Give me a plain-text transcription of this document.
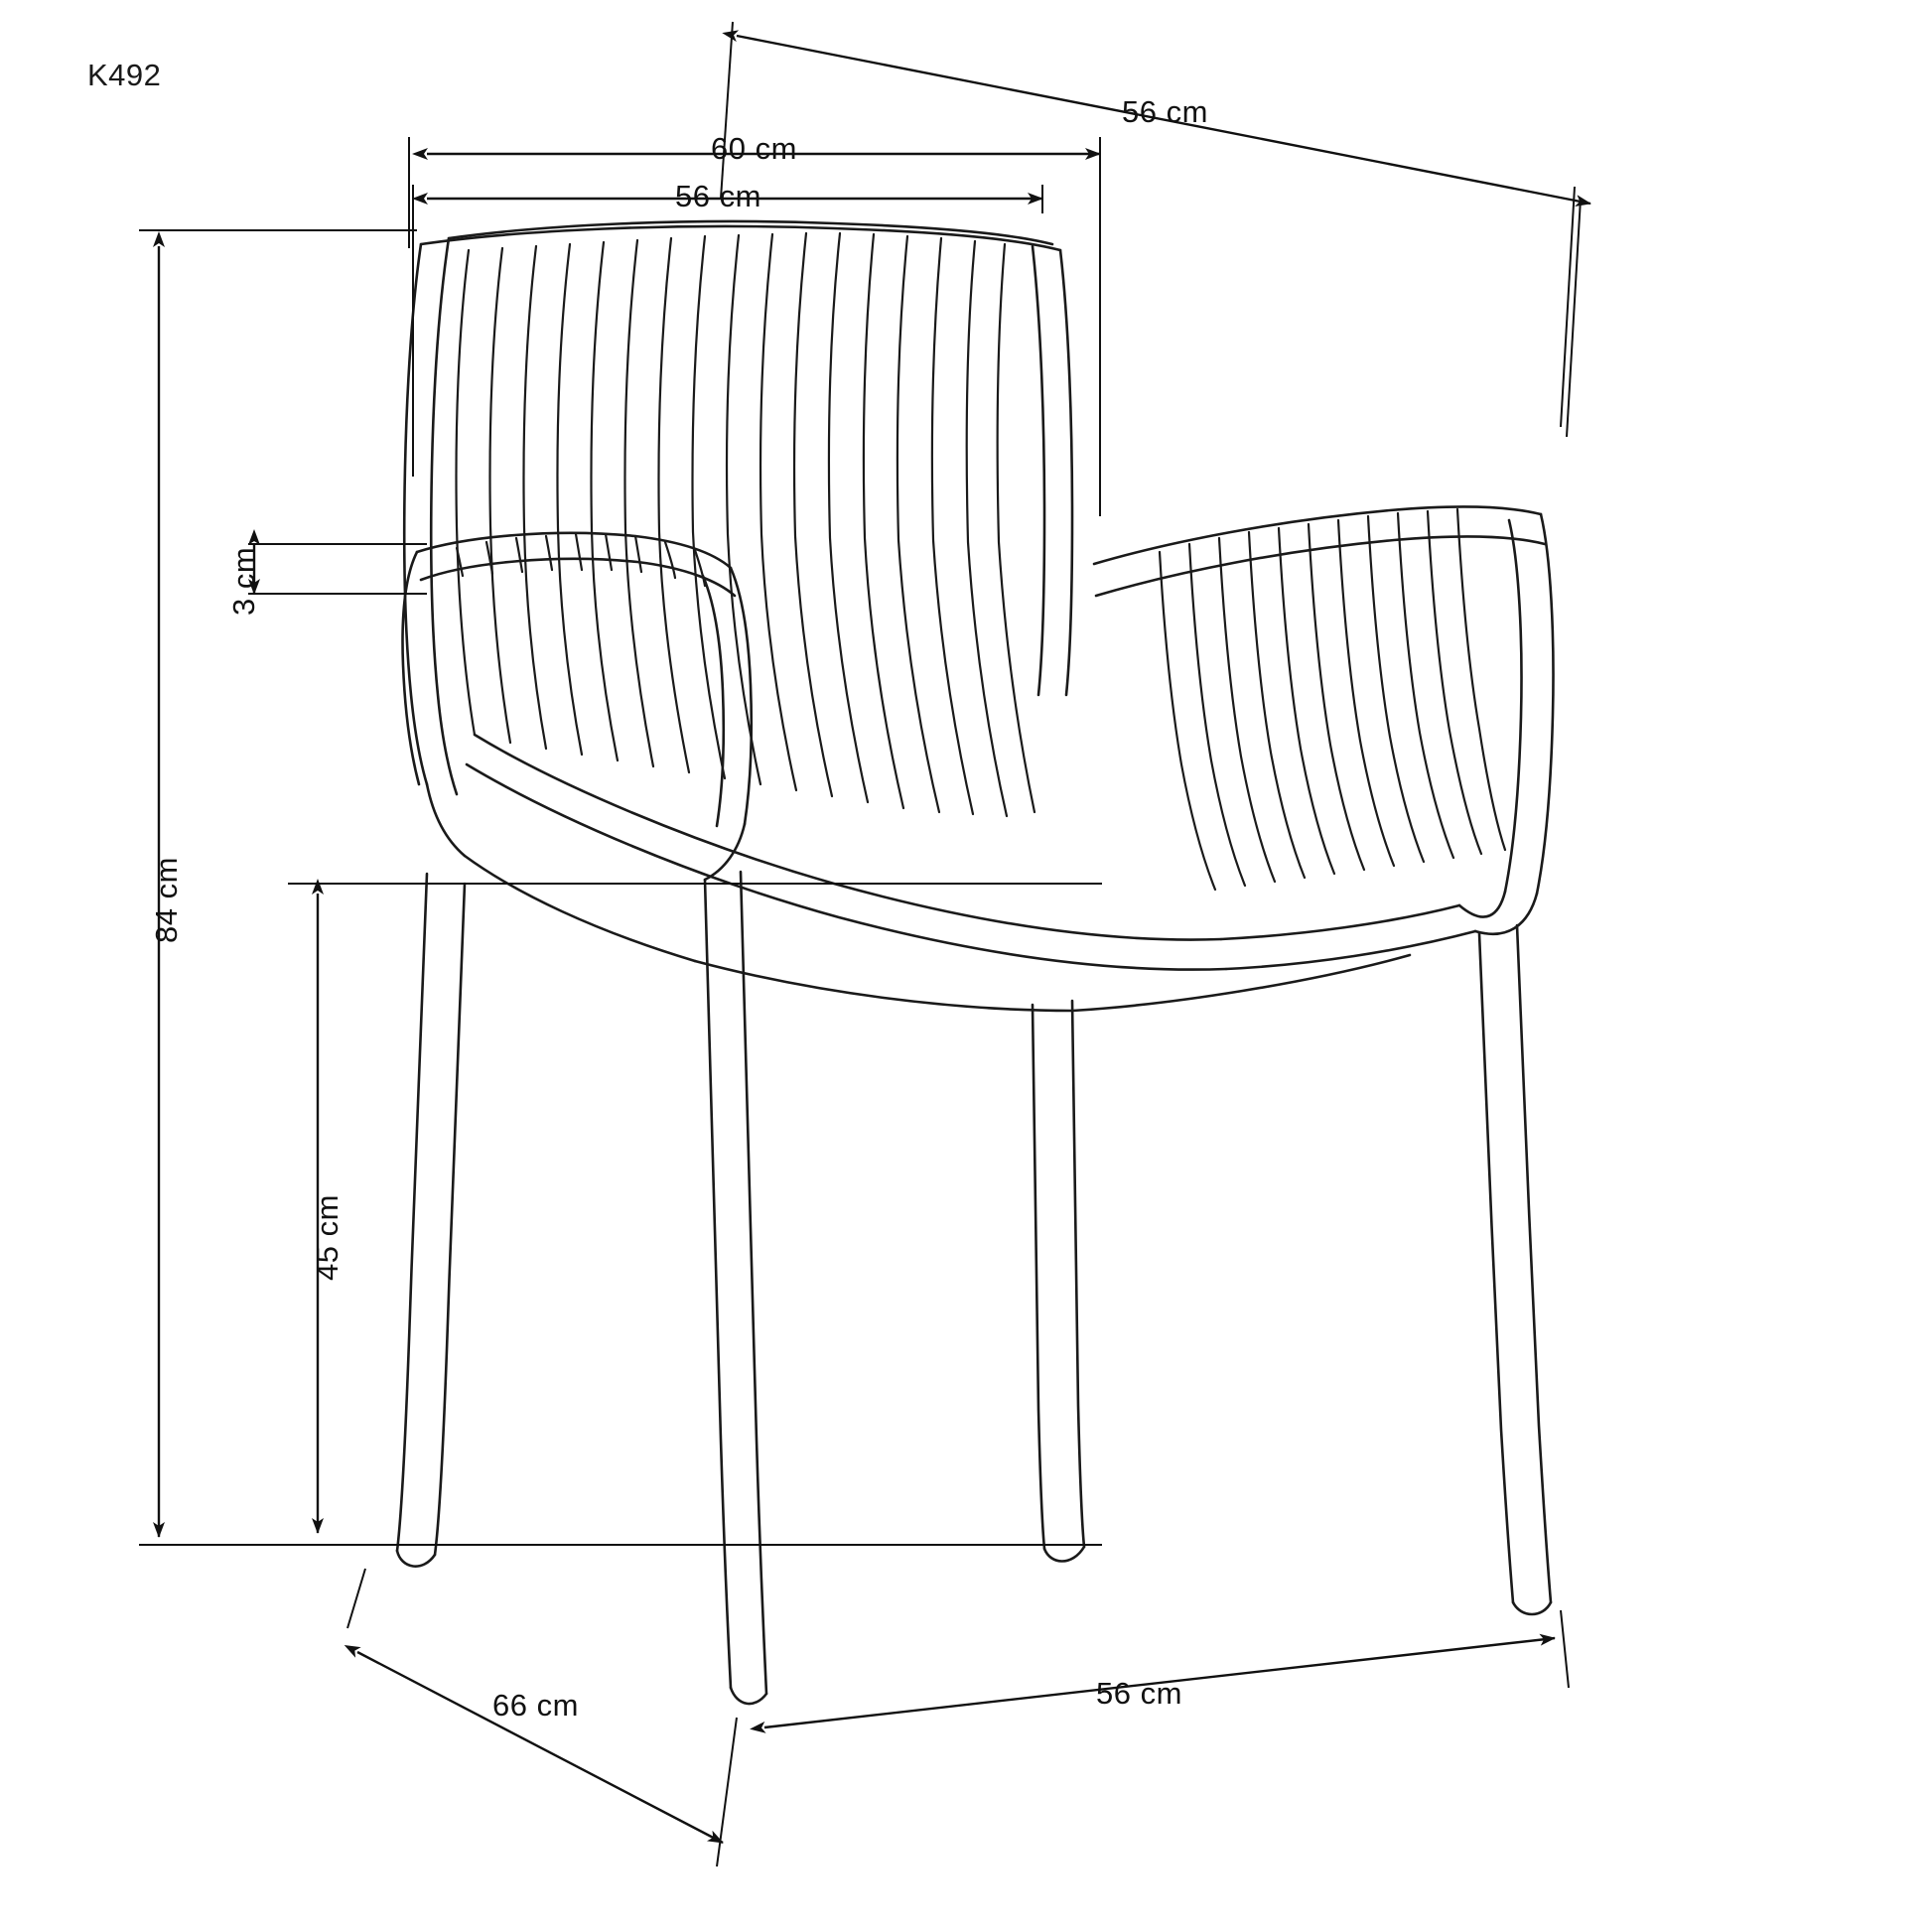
K492
56 cm
60 cm
56 cm
3 cm
84 cm
45 cm
66 cm	56 cm
